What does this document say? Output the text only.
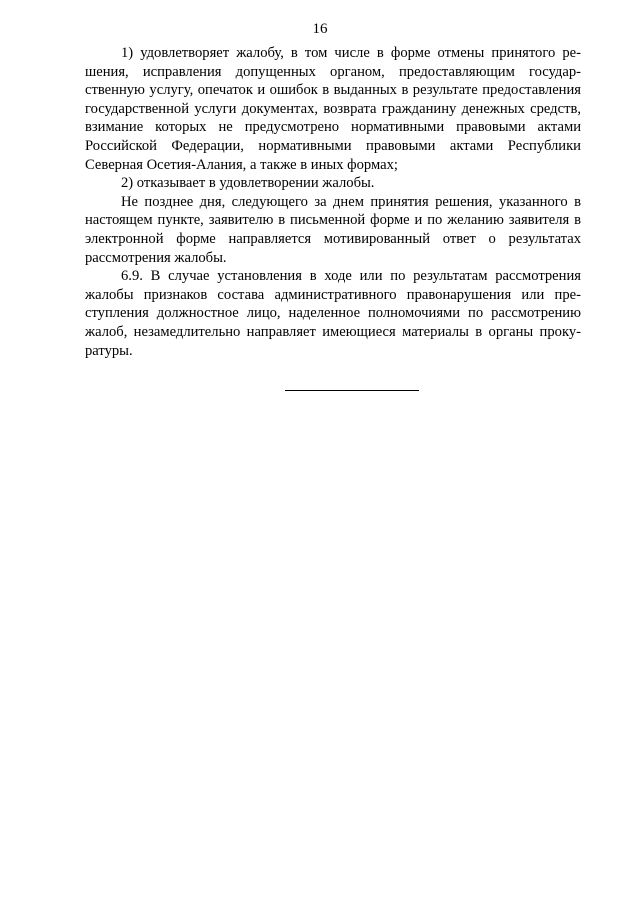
16

1) удовлетворяет жалобу, в том числе в форме отмены принятого решения, исправления допущенных органом, предоставляющим государственную услугу, опечаток и ошибок в выданных в результате предоставления государственной услуги документах, возврата гражданину денежных средств, взимание которых не предусмотрено нормативными правовыми актами Российской Федерации, нормативными правовыми актами Республики Северная Осетия-Алания, а также в иных формах;

2) отказывает в удовлетворении жалобы.

Не позднее дня, следующего за днем принятия решения, указанного в настоящем пункте, заявителю в письменной форме и по желанию заявителя в электронной форме направляется мотивированный ответ о результатах рассмотрения жалобы.

6.9. В случае установления в ходе или по результатам рассмотрения жалобы признаков состава административного правонарушения или преступления должностное лицо, наделенное полномочиями по рассмотрению жалоб, незамедлительно направляет имеющиеся материалы в органы прокуратуры.
